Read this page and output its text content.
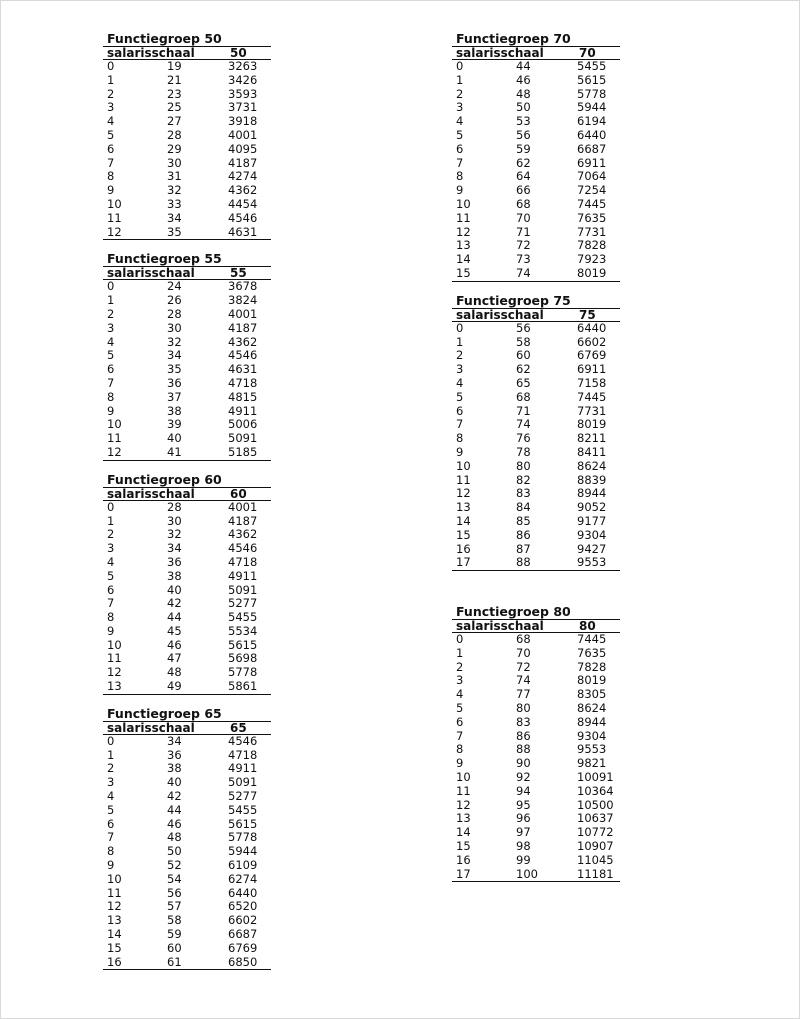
Functiegroep 50
salarisschaal		50
0	19	3263
1	21	3426
2	23	3593
3	25	3731
4	27	3918
5	28	4001
6	29	4095
7	30	4187
8	31	4274
9	32	4362
10	33	4454
11	34	4546
12	35	4631
Functiegroep 55
salarisschaal		55
0	24	3678
1	26	3824
2	28	4001
3	30	4187
4	32	4362
5	34	4546
6	35	4631
7	36	4718
8	37	4815
9	38	4911
10	39	5006
11	40	5091
12	41	5185
Functiegroep 60
salarisschaal		60
0	28	4001
1	30	4187
2	32	4362
3	34	4546
4	36	4718
5	38	4911
6	40	5091
7	42	5277
8	44	5455
9	45	5534
10	46	5615
11	47	5698
12	48	5778
13	49	5861
Functiegroep 65
salarisschaal		65
0	34	4546
1	36	4718
2	38	4911
3	40	5091
4	42	5277
5	44	5455
6	46	5615
7	48	5778
8	50	5944
9	52	6109
10	54	6274
11	56	6440
12	57	6520
13	58	6602
14	59	6687
15	60	6769
16	61	6850
Functiegroep 70
salarisschaal		70
0	44	5455
1	46	5615
2	48	5778
3	50	5944
4	53	6194
5	56	6440
6	59	6687
7	62	6911
8	64	7064
9	66	7254
10	68	7445
11	70	7635
12	71	7731
13	72	7828
14	73	7923
15	74	8019
Functiegroep 75
salarisschaal		75
0	56	6440
1	58	6602
2	60	6769
3	62	6911
4	65	7158
5	68	7445
6	71	7731
7	74	8019
8	76	8211
9	78	8411
10	80	8624
11	82	8839
12	83	8944
13	84	9052
14	85	9177
15	86	9304
16	87	9427
17	88	9553
Functiegroep 80
salarisschaal		80
0	68	7445
1	70	7635
2	72	7828
3	74	8019
4	77	8305
5	80	8624
6	83	8944
7	86	9304
8	88	9553
9	90	9821
10	92	10091
11	94	10364
12	95	10500
13	96	10637
14	97	10772
15	98	10907
16	99	11045
17	100	11181
